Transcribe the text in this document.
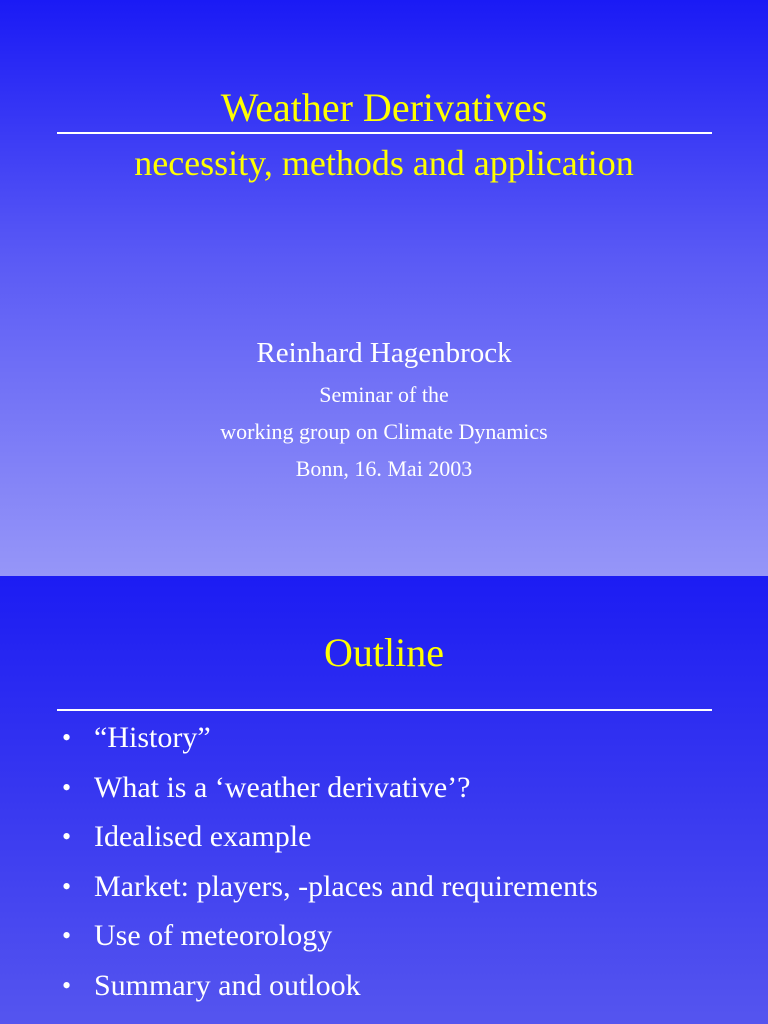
Weather Derivatives
necessity, methods and application
Reinhard Hagenbrock
Seminar of the
working group on Climate Dynamics
Bonn, 16. Mai 2003
Outline
• “History”
• What is a ‘weather derivative’?
• Idealised example
• Market: players, -places and requirements
• Use of meteorology
• Summary and outlook
